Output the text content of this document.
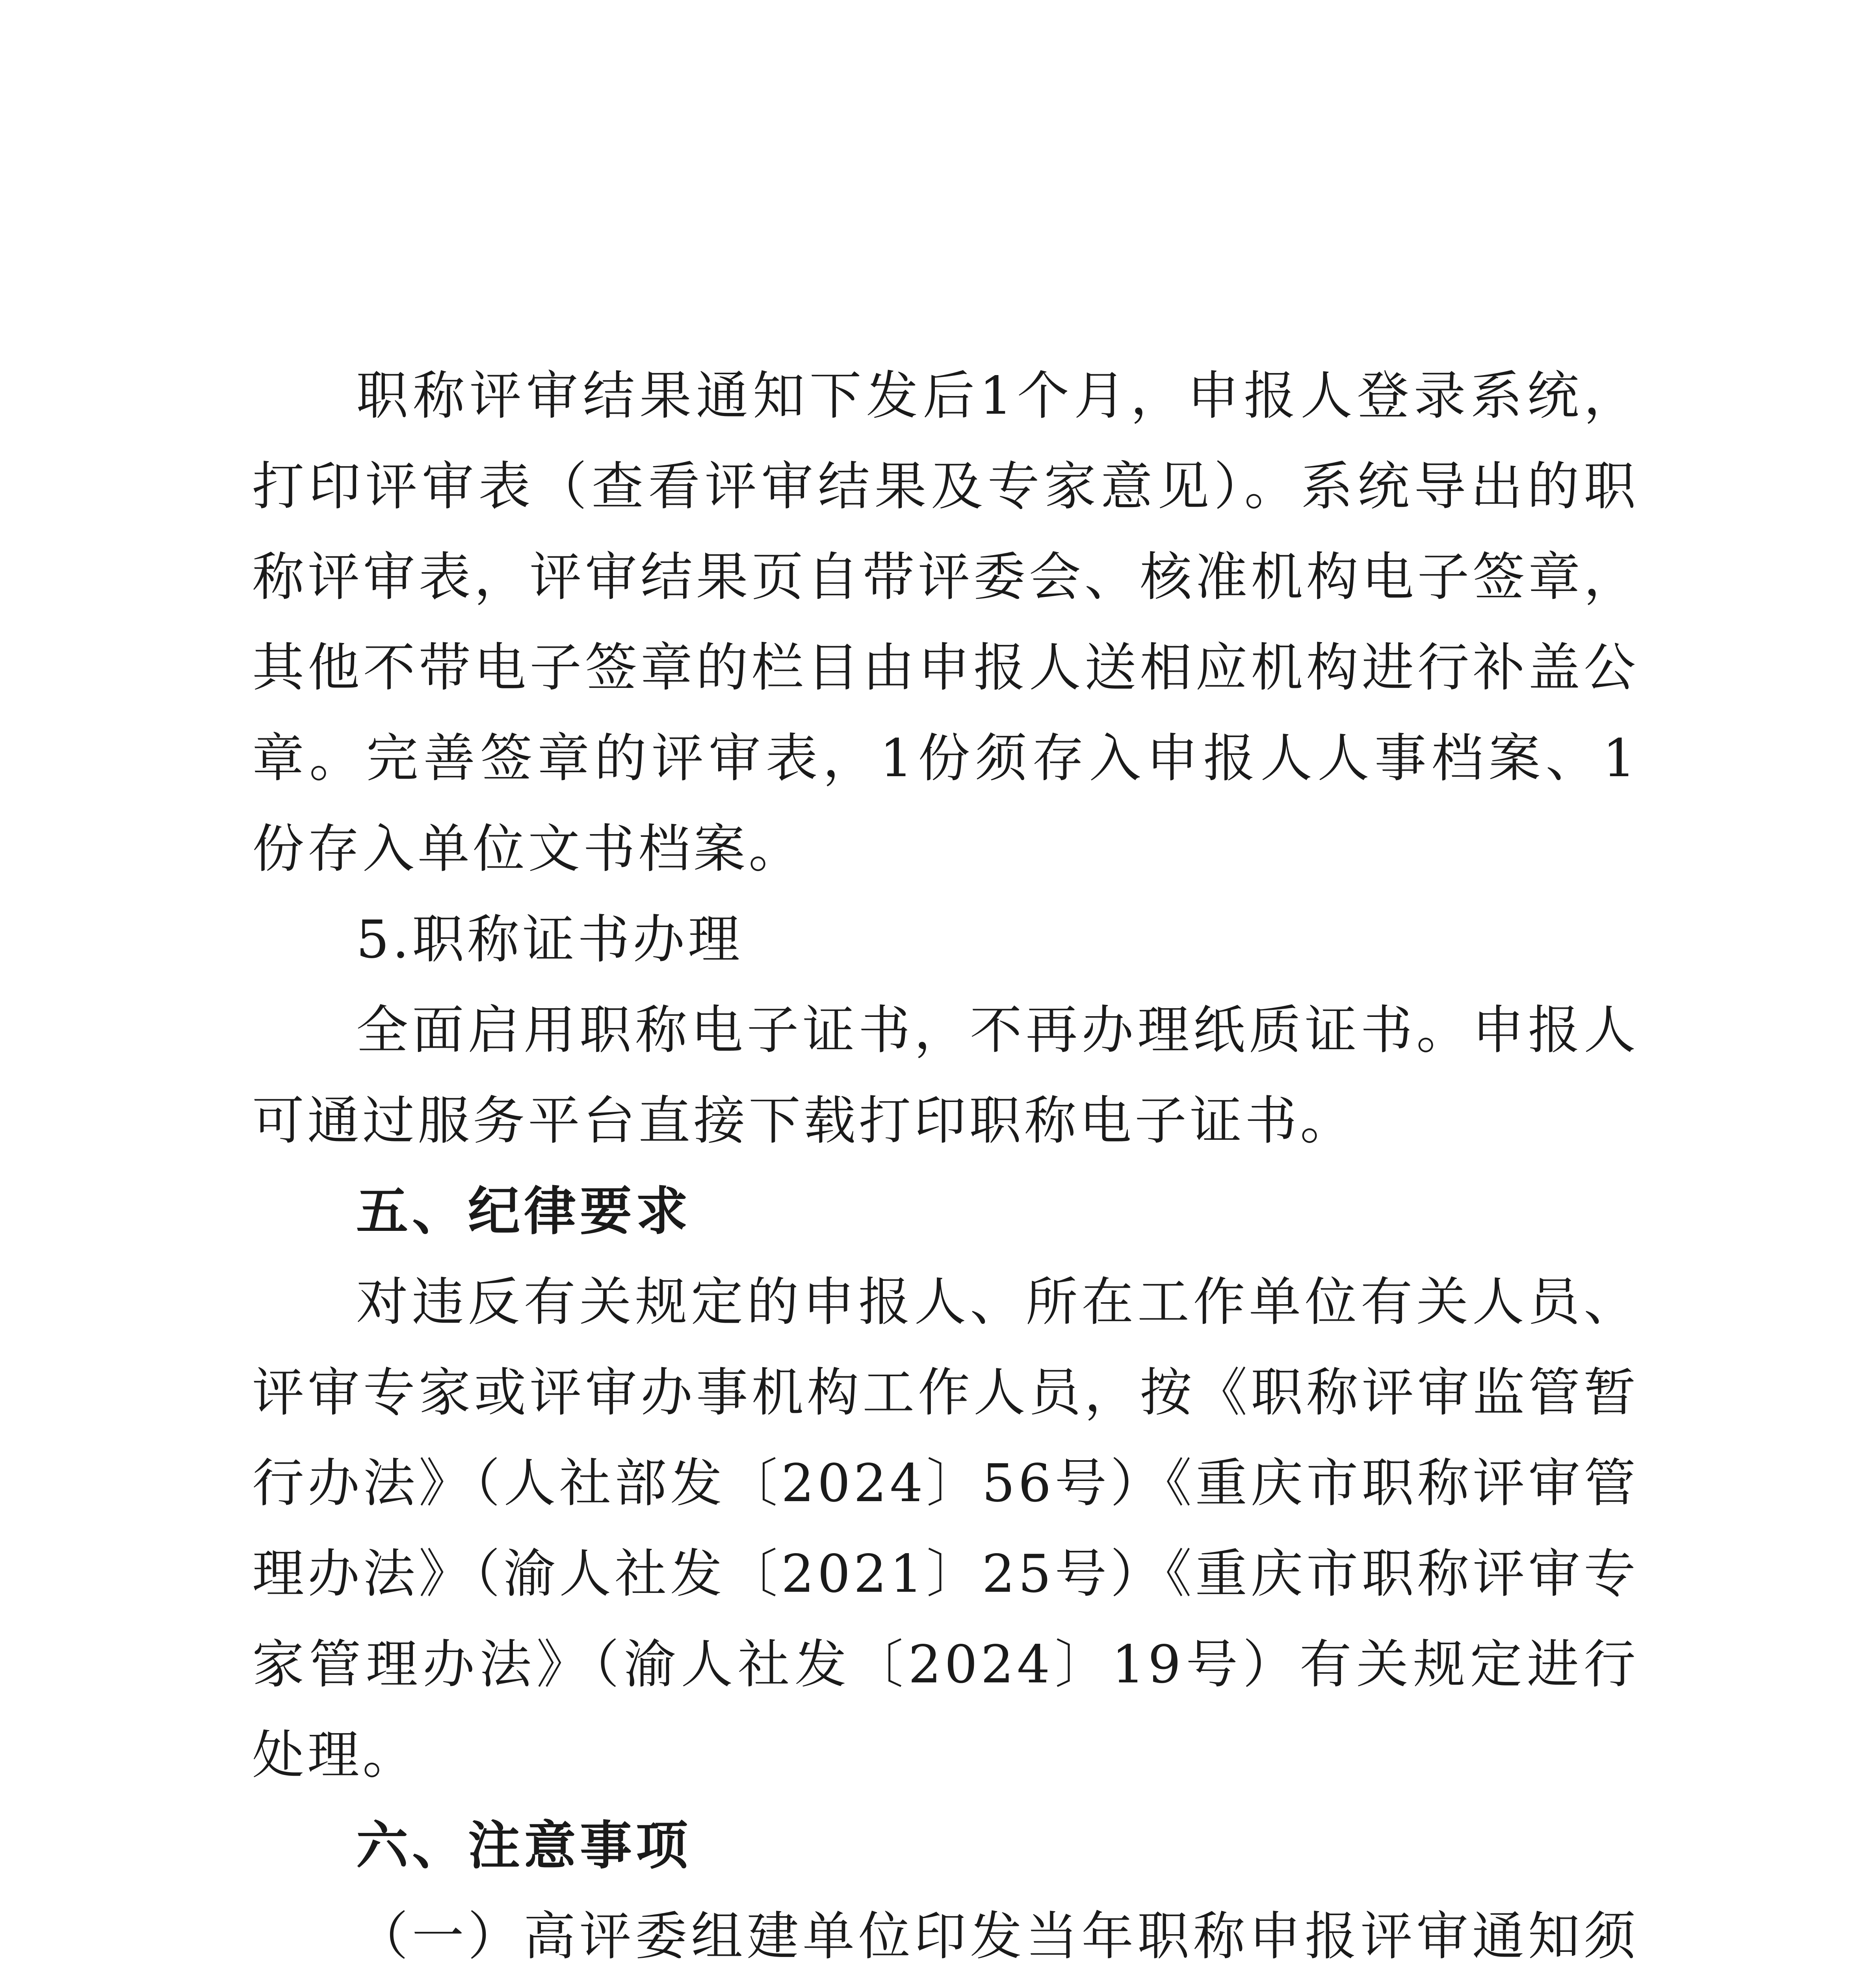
职称评审结果通知下发后1个月，申报人登录系统，打印评审表（查看评审结果及专家意见）。系统导出的职称评审表，评审结果页自带评委会、核准机构电子签章，其他不带电子签章的栏目由申报人送相应机构进行补盖公章。完善签章的评审表，1份须存入申报人人事档案、1份存入单位文书档案。

5.职称证书办理

全面启用职称电子证书，不再办理纸质证书。申报人可通过服务平台直接下载打印职称电子证书。

五、纪律要求

对违反有关规定的申报人、所在工作单位有关人员、评审专家或评审办事机构工作人员，按《职称评审监管暂行办法》（人社部发〔2024〕56号）《重庆市职称评审管理办法》（渝人社发〔2021〕25号）《重庆市职称评审专家管理办法》（渝人社发〔2024〕19号）有关规定进行处理。

六、注意事项

（一）高评委组建单位印发当年职称申报评审通知须
